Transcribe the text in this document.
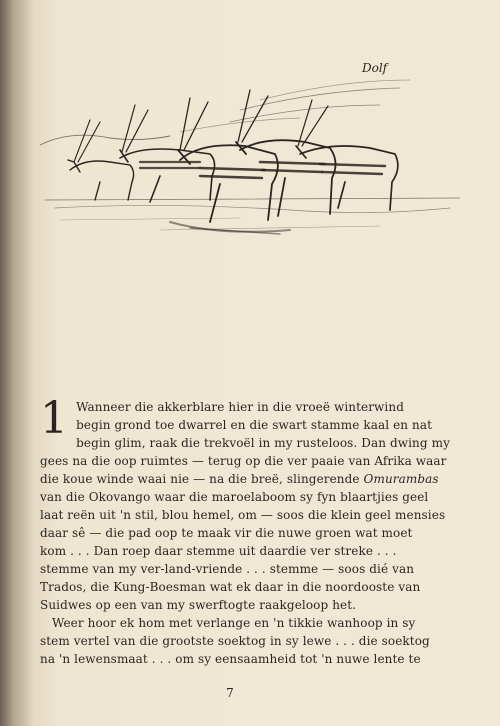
Dolf
1 Wanneer die akkerblare hier in die vroeë winterwind
begin grond toe dwarrel en die swart stamme kaal en nat
begin glim, raak die trekvoël in my rusteloos. Dan dwing my
gees na die oop ruimtes — terug op die ver paaie van Afrika waar
die koue winde waai nie — na die breë, slingerende Omurambas
van die Okovango waar die maroelaboom sy fyn blaartjies geel
laat reën uit 'n stil, blou hemel, om — soos die klein geel mensies
daar sê — die pad oop te maak vir die nuwe groen wat moet
kom . . . Dan roep daar stemme uit daardie ver streke . . .
stemme van my ver-land-vriende . . . stemme — soos dié van
Trados, die Kung-Boesman wat ek daar in die noordooste van
Suidwes op een van my swerftogte raakgeloop het.
Weer hoor ek hom met verlange en 'n tikkie wanhoop in sy
stem vertel van die grootste soektog in sy lewe . . . die soektog
na 'n lewensmaat . . . om sy eensaamheid tot 'n nuwe lente te
7
